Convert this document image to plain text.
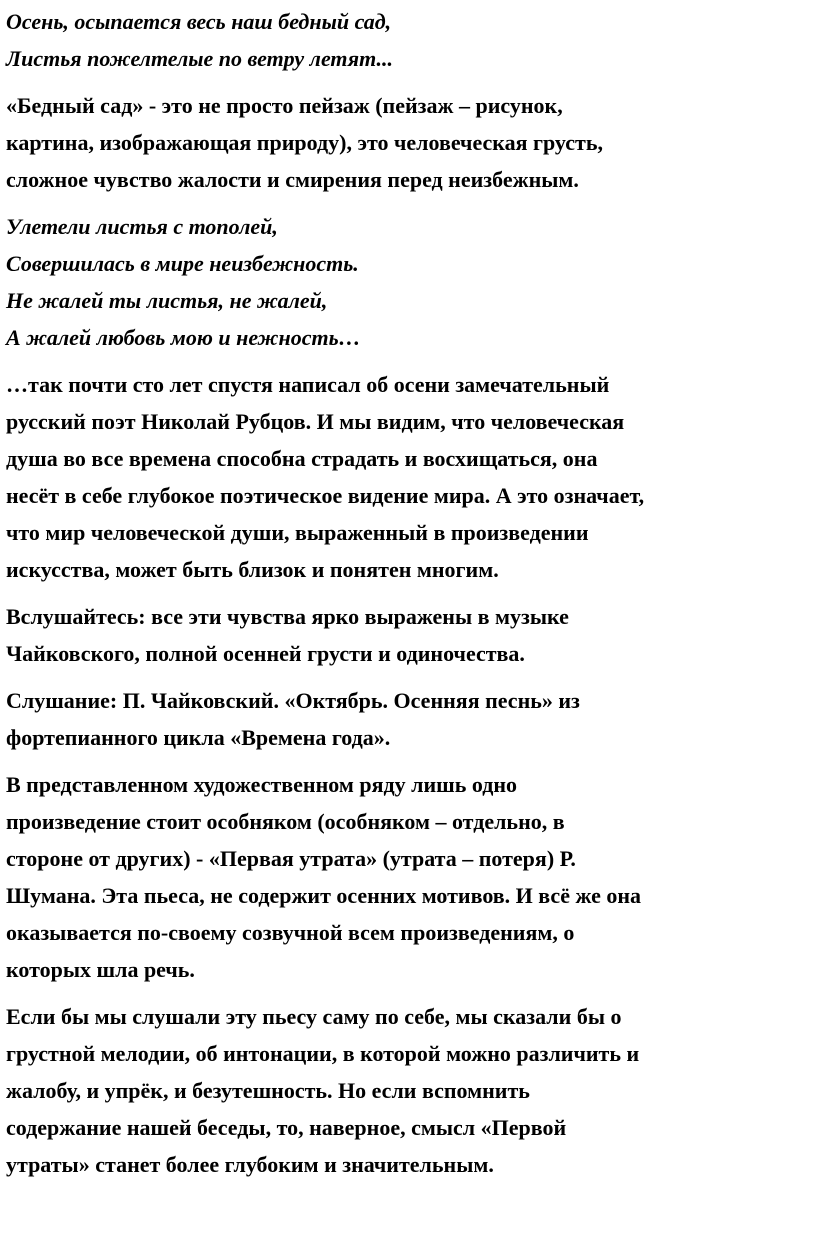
Осень, осыпается весь наш бедный сад,
Листья пожелтелые по ветру летят...
«Бедный сад» - это не просто пейзаж (пейзаж – рисунок,
картина, изображающая природу), это человеческая грусть,
сложное чувство жалости и смирения перед неизбежным.
Улетели листья с тополей,
Совершилась в мире неизбежность.
Не жалей ты листья, не жалей,
А жалей любовь мою и нежность…
…так почти сто лет спустя написал об осени замечательный
русский поэт Николай Рубцов. И мы видим, что человеческая
душа во все времена способна страдать и восхищаться, она
несёт в себе глубокое поэтическое видение мира. А это означает,
что мир человеческой души, выраженный в произведении
искусства, может быть близок и понятен многим.
Вслушайтесь: все эти чувства ярко выражены в музыке
Чайковского, полной осенней грусти и одиночества.
Слушание: П. Чайковский. «Октябрь. Осенняя песнь» из
фортепианного цикла «Времена года».
В представленном художественном ряду лишь одно
произведение стоит особняком (особняком – отдельно, в
стороне от других) - «Первая утрата» (утрата – потеря) Р.
Шумана. Эта пьеса, не содержит осенних мотивов. И всё же она
оказывается по-своему созвучной всем произведениям, о
которых шла речь.
Если бы мы слушали эту пьесу саму по себе, мы сказали бы о
грустной мелодии, об интонации, в которой можно различить и
жалобу, и упрёк, и безутешность. Но если вспомнить
содержание нашей беседы, то, наверное, смысл «Первой
утраты» станет более глубоким и значительным.
